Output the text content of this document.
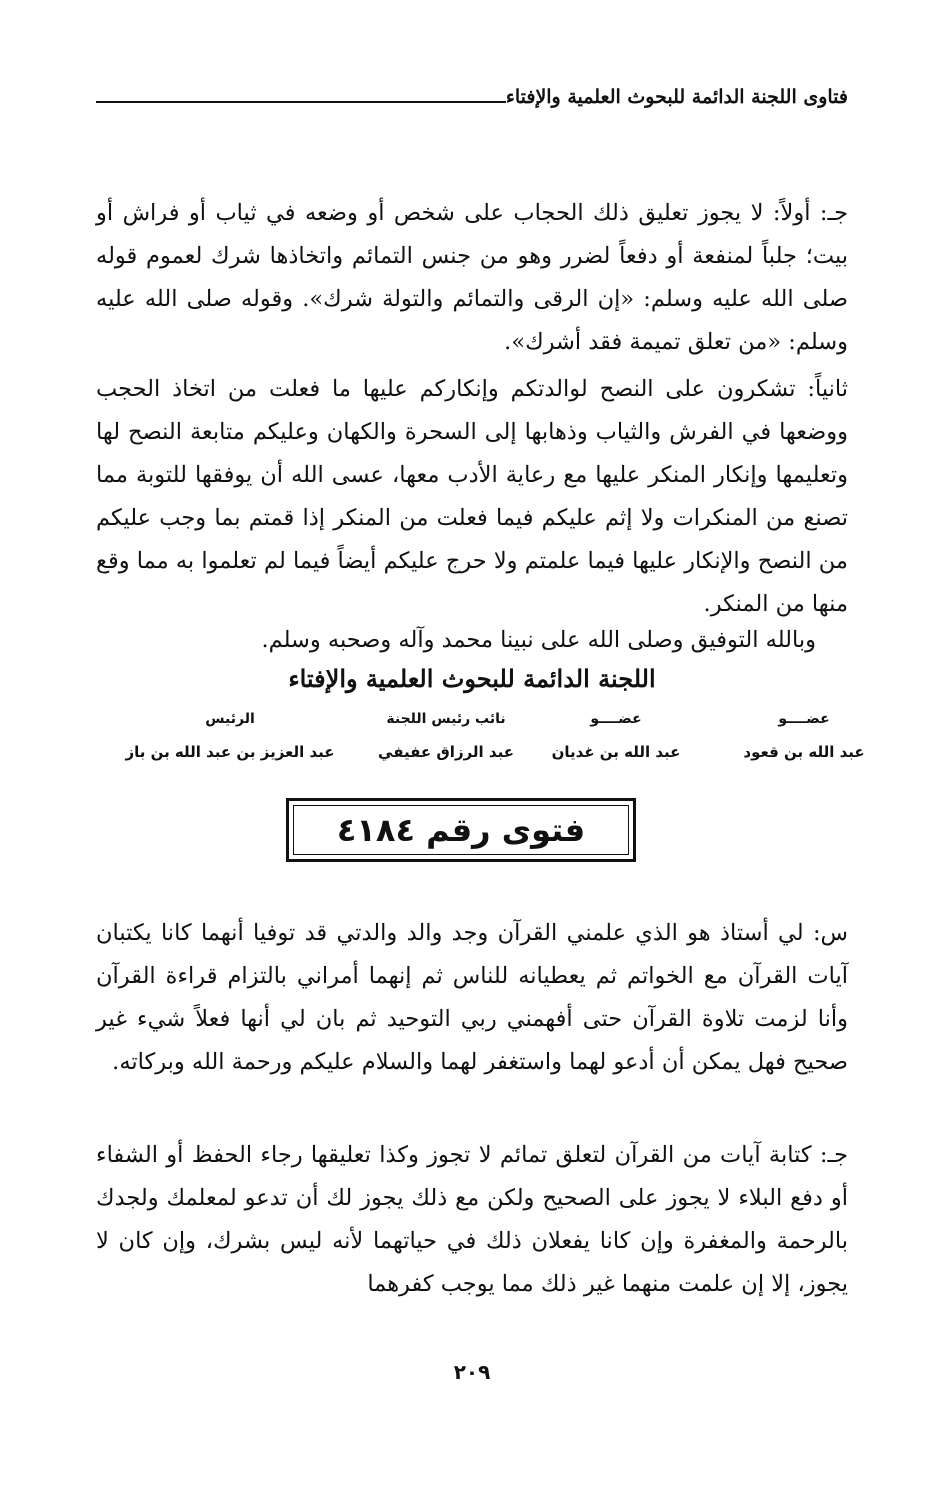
فتاوى اللجنة الدائمة للبحوث العلمية والإفتاء
جـ: أولاً: لا يجوز تعليق ذلك الحجاب على شخص أو وضعه في ثياب أو فراش أو بيت؛ جلباً لمنفعة أو دفعاً لضرر وهو من جنس التمائم واتخاذها شرك لعموم قوله صلى الله عليه وسلم: «إن الرقى والتمائم والتولة شرك». وقوله صلى الله عليه وسلم: «من تعلق تميمة فقد أشرك».
ثانياً: تشكرون على النصح لوالدتكم وإنكاركم عليها ما فعلت من اتخاذ الحجب ووضعها في الفرش والثياب وذهابها إلى السحرة والكهان وعليكم متابعة النصح لها وتعليمها وإنكار المنكر عليها مع رعاية الأدب معها، عسى الله أن يوفقها للتوبة مما تصنع من المنكرات ولا إثم عليكم فيما فعلت من المنكر إذا قمتم بما وجب عليكم من النصح والإنكار عليها فيما علمتم ولا حرج عليكم أيضاً فيما لم تعلموا به مما وقع منها من المنكر.
وبالله التوفيق وصلى الله على نبينا محمد وآله وصحبه وسلم.
اللجنة الدائمة للبحوث العلمية والإفتاء
عضــــو
عبد الله بن قعود
عضــــو
عبد الله بن غديان
نائب رئيس اللجنة
عبد الرزاق عفيفي
الرئيس
عبد العزيز بن عبد الله بن باز
فتوى رقم ٤١٨٤
س: لي أستاذ هو الذي علمني القرآن وجد والد والدتي قد توفيا أنهما كانا يكتبان آيات القرآن مع الخواتم ثم يعطيانه للناس ثم إنهما أمراني بالتزام قراءة القرآن وأنا لزمت تلاوة القرآن حتى أفهمني ربي التوحيد ثم بان لي أنها فعلاً شيء غير صحيح فهل يمكن أن أدعو لهما واستغفر لهما والسلام عليكم ورحمة الله وبركاته.
جـ: كتابة آيات من القرآن لتعلق تمائم لا تجوز وكذا تعليقها رجاء الحفظ أو الشفاء أو دفع البلاء لا يجوز على الصحيح ولكن مع ذلك يجوز لك أن تدعو لمعلمك ولجدك بالرحمة والمغفرة وإن كانا يفعلان ذلك في حياتهما لأنه ليس بشرك، وإن كان لا يجوز، إلا إن علمت منهما غير ذلك مما يوجب كفرهما
٢٠٩
